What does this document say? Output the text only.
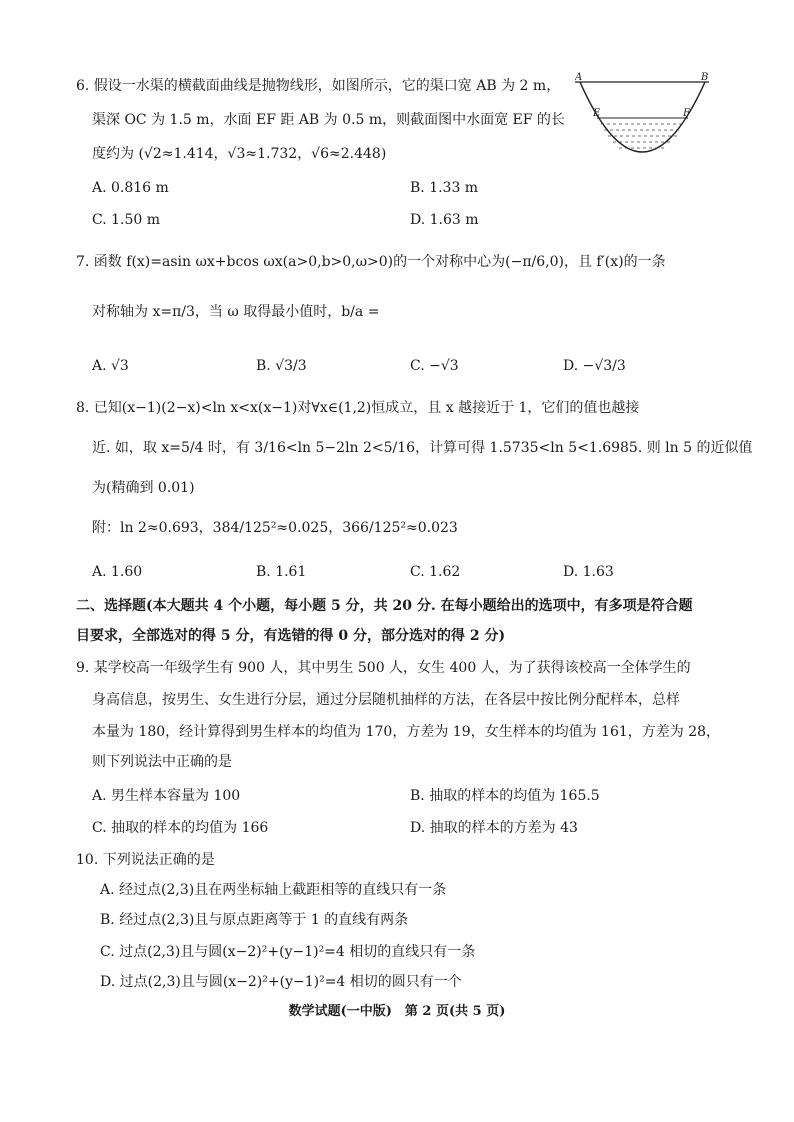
6. 假设一水渠的横截面曲线是抛物线形，如图所示，它的渠口宽 AB 为 2 m，
渠深 OC 为 1.5 m，水面 EF 距 AB 为 0.5 m，则截面图中水面宽 EF 的长
度约为 (√2≈1.414，√3≈1.732，√6≈2.448)
A. 0.816 m	B. 1.33 m
C. 1.50 m	D. 1.63 m
A	B
E	F
7. 函数 f(x)=asin ωx+bcos ωx(a>0,b>0,ω>0)的一个对称中心为(−π/6,0)，且 f′(x)的一条
对称轴为 x=π/3，当 ω 取得最小值时，b/a =
A. √3	B. √3/3	C. −√3	D. −√3/3
8. 已知(x−1)(2−x)<ln x<x(x−1)对∀x∈(1,2)恒成立，且 x 越接近于 1，它们的值也越接
近. 如，取 x=5/4 时，有 3/16<ln 5−2ln 2<5/16，计算可得 1.5735<ln 5<1.6985. 则 ln 5 的近似值
为(精确到 0.01)
附：ln 2≈0.693，384/125²≈0.025，366/125²≈0.023
A. 1.60	B. 1.61	C. 1.62	D. 1.63
二、选择题(本大题共 4 个小题，每小题 5 分，共 20 分. 在每小题给出的选项中，有多项是符合题
目要求，全部选对的得 5 分，有选错的得 0 分，部分选对的得 2 分)
9. 某学校高一年级学生有 900 人，其中男生 500 人，女生 400 人，为了获得该校高一全体学生的
身高信息，按男生、女生进行分层，通过分层随机抽样的方法，在各层中按比例分配样本，总样
本量为 180，经计算得到男生样本的均值为 170，方差为 19，女生样本的均值为 161，方差为 28，
则下列说法中正确的是
A. 男生样本容量为 100	B. 抽取的样本的均值为 165.5
C. 抽取的样本的均值为 166	D. 抽取的样本的方差为 43
10. 下列说法正确的是
A. 经过点(2,3)且在两坐标轴上截距相等的直线只有一条
B. 经过点(2,3)且与原点距离等于 1 的直线有两条
C. 过点(2,3)且与圆(x−2)²+(y−1)²=4 相切的直线只有一条
D. 过点(2,3)且与圆(x−2)²+(y−1)²=4 相切的圆只有一个
数学试题(一中版)　第 2 页(共 5 页)
